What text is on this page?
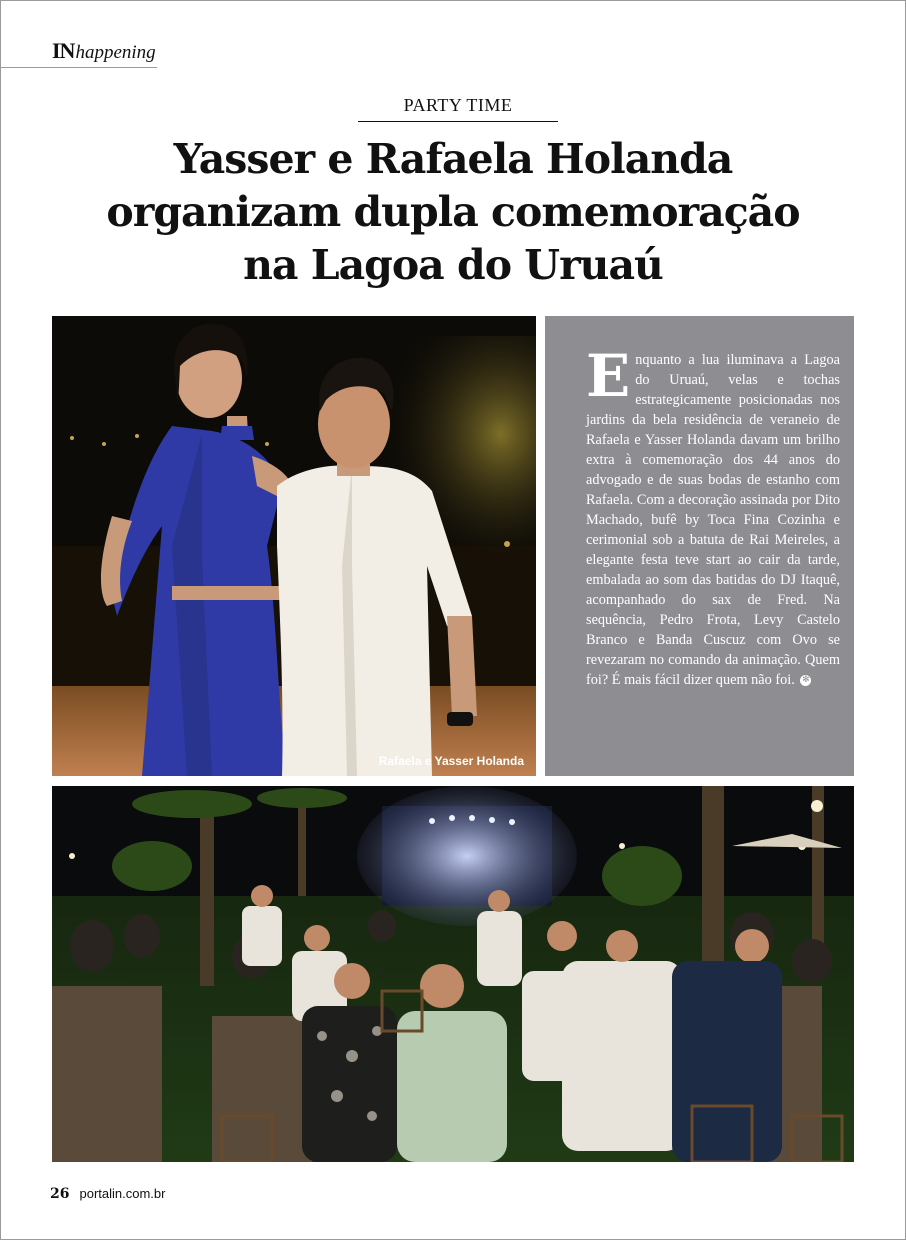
IN happening
PARTY TIME
Yasser e Rafaela Holanda
organizam dupla comemoração
na Lagoa do Uruaú
Rafaela e Yasser Holanda

Enquanto a lua iluminava a Lagoa do Uruaú, velas e tochas estrategicamente posicionadas nos jardins da bela residência de veraneio de Rafaela e Yasser Holanda davam um brilho extra à comemoração dos 44 anos do advogado e de suas bodas de estanho com Rafaela. Com a decoração assinada por Dito Machado, bufê by Toca Fina Cozinha e cerimonial sob a batuta de Rai Meireles, a elegante festa teve start ao cair da tarde, embalada ao som das batidas do DJ Itaquê, acompanhado do sax de Fred. Na sequência, Pedro Frota, Levy Castelo Branco e Banda Cuscuz com Ovo se revezaram no comando da animação. Quem foi? É mais fácil dizer quem não foi. ✻

26 portalin.com.br
